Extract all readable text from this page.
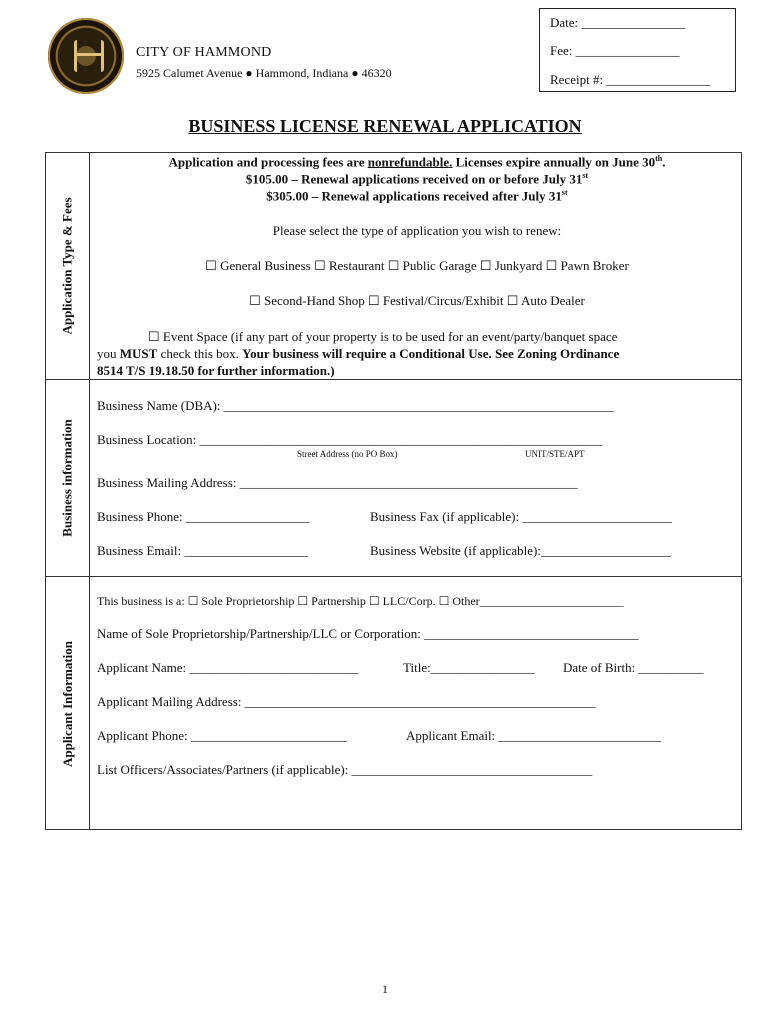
CITY OF HAMMOND
5925 Calumet Avenue ● Hammond, Indiana ● 46320
Date: ________________
Fee: ________________
Receipt #: ________________
BUSINESS LICENSE RENEWAL APPLICATION
Application Type & Fees
Business information
Applicant Information
Application and processing fees are nonrefundable. Licenses expire annually on June 30th.
$105.00 – Renewal applications received on or before July 31st
$305.00 – Renewal applications received after July 31st
Please select the type of application you wish to renew:
☐ General Business ☐ Restaurant ☐ Public Garage ☐ Junkyard ☐ Pawn Broker
☐ Second-Hand Shop ☐ Festival/Circus/Exhibit ☐ Auto Dealer
☐ Event Space (if any part of your property is to be used for an event/party/banquet space
you MUST check this box. Your business will require a Conditional Use. See Zoning Ordinance
8514 T/S 19.18.50 for further information.)
Business Name (DBA): ____________________________________________________________
Business Location: ______________________________________________________________
Street Address (no PO Box)	UNIT/STE/APT
Business Mailing Address: ____________________________________________________
Business Phone: ___________________	Business Fax (if applicable): _______________________
Business Email: ___________________	Business Website (if applicable):____________________
This business is a: ☐ Sole Proprietorship ☐ Partnership ☐ LLC/Corp. ☐ Other________________________
Name of Sole Proprietorship/Partnership/LLC or Corporation: _________________________________
Applicant Name: __________________________	Title:________________ Date of Birth: __________
Applicant Mailing Address: ______________________________________________________
Applicant Phone: ________________________	Applicant Email: _________________________
List Officers/Associates/Partners (if applicable): _____________________________________
1
